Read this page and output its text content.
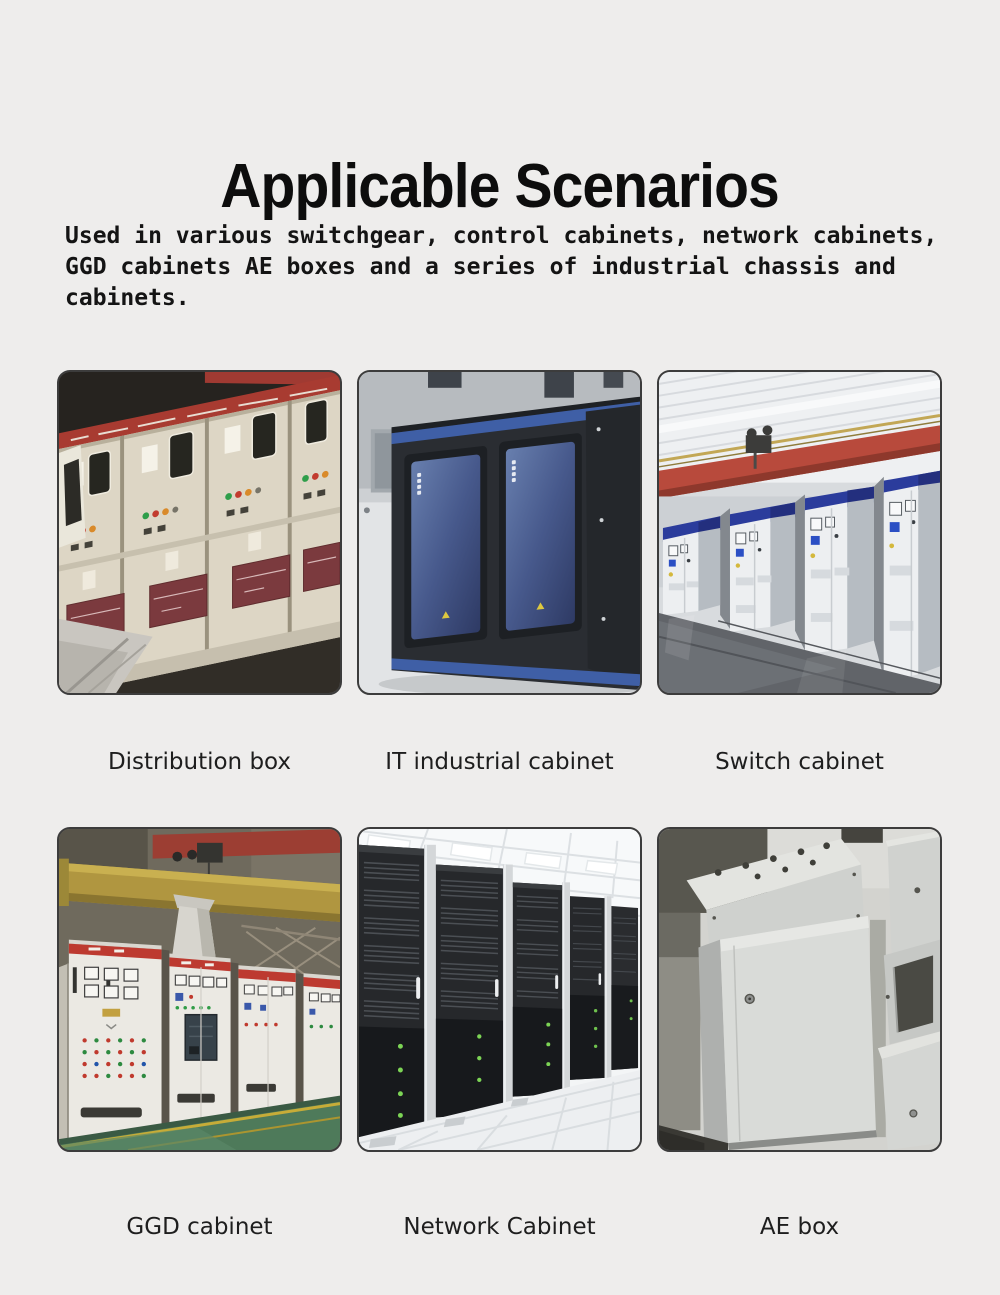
Applicable Scenarios
Used in various switchgear, control cabinets, network cabinets,
GGD cabinets AE boxes and a series of industrial chassis and
cabinets.
Distribution box	IT industrial cabinet	Switch cabinet
GGD cabinet	Network Cabinet	AE box
